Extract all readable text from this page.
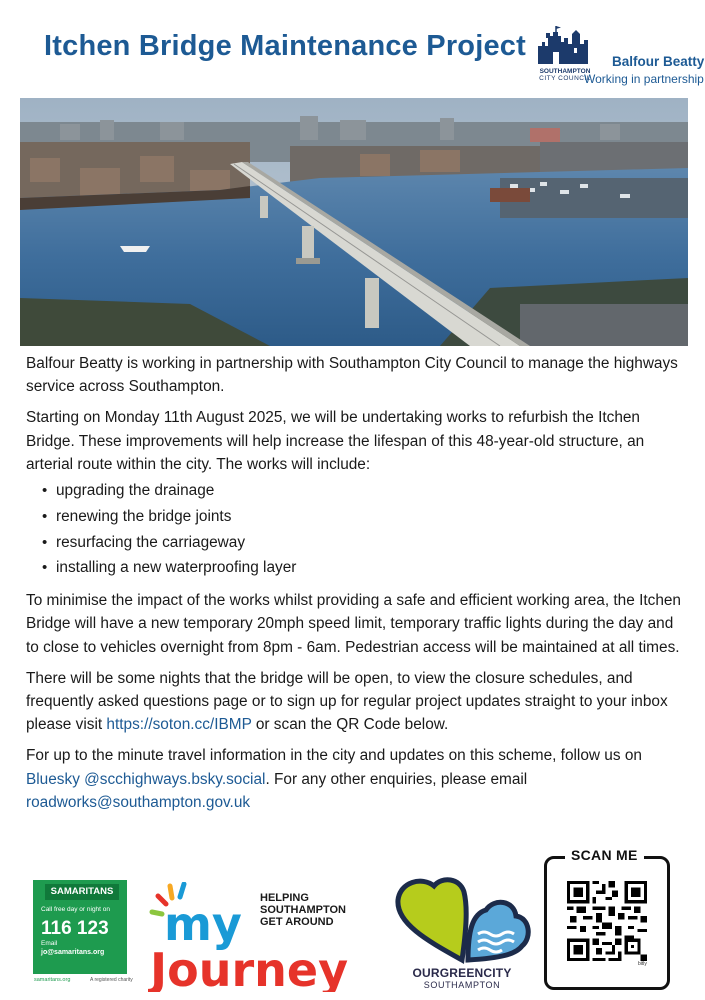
Itchen Bridge Maintenance Project
SOUTHAMPTON
CITY COUNCIL
Balfour Beatty
Working in partnership

Balfour Beatty is working in partnership with Southampton City Council to manage the highways service across Southampton.

Starting on Monday 11th August 2025, we will be undertaking works to refurbish the Itchen Bridge. These improvements will help increase the lifespan of this 48-year-old structure, an arterial route within the city. The works will include:

• upgrading the drainage
• renewing the bridge joints
• resurfacing the carriageway
• installing a new waterproofing layer

To minimise the impact of the works whilst providing a safe and efficient working area, the Itchen Bridge will have a new temporary 20mph speed limit, temporary traffic lights during the day and to close to vehicles overnight from 8pm - 6am. Pedestrian access will be maintained at all times.

There will be some nights that the bridge will be open, to view the closure schedules, and frequently asked questions page or to sign up for regular project updates straight to your inbox please visit https://soton.cc/IBMP or scan the QR Code below.

For up to the minute travel information in the city and updates on this scheme, follow us on Bluesky @scchighways.bsky.social. For any other enquiries, please email
roadworks@southampton.gov.uk

SAMARITANS
Call free day or night on
116 123
Email
jo@samaritans.org
samaritans.org	A registered charity
my
Journey
HELPING
SOUTHAMPTON
GET AROUND
OURGREENCITY
SOUTHAMPTON
SCAN ME
bitly
